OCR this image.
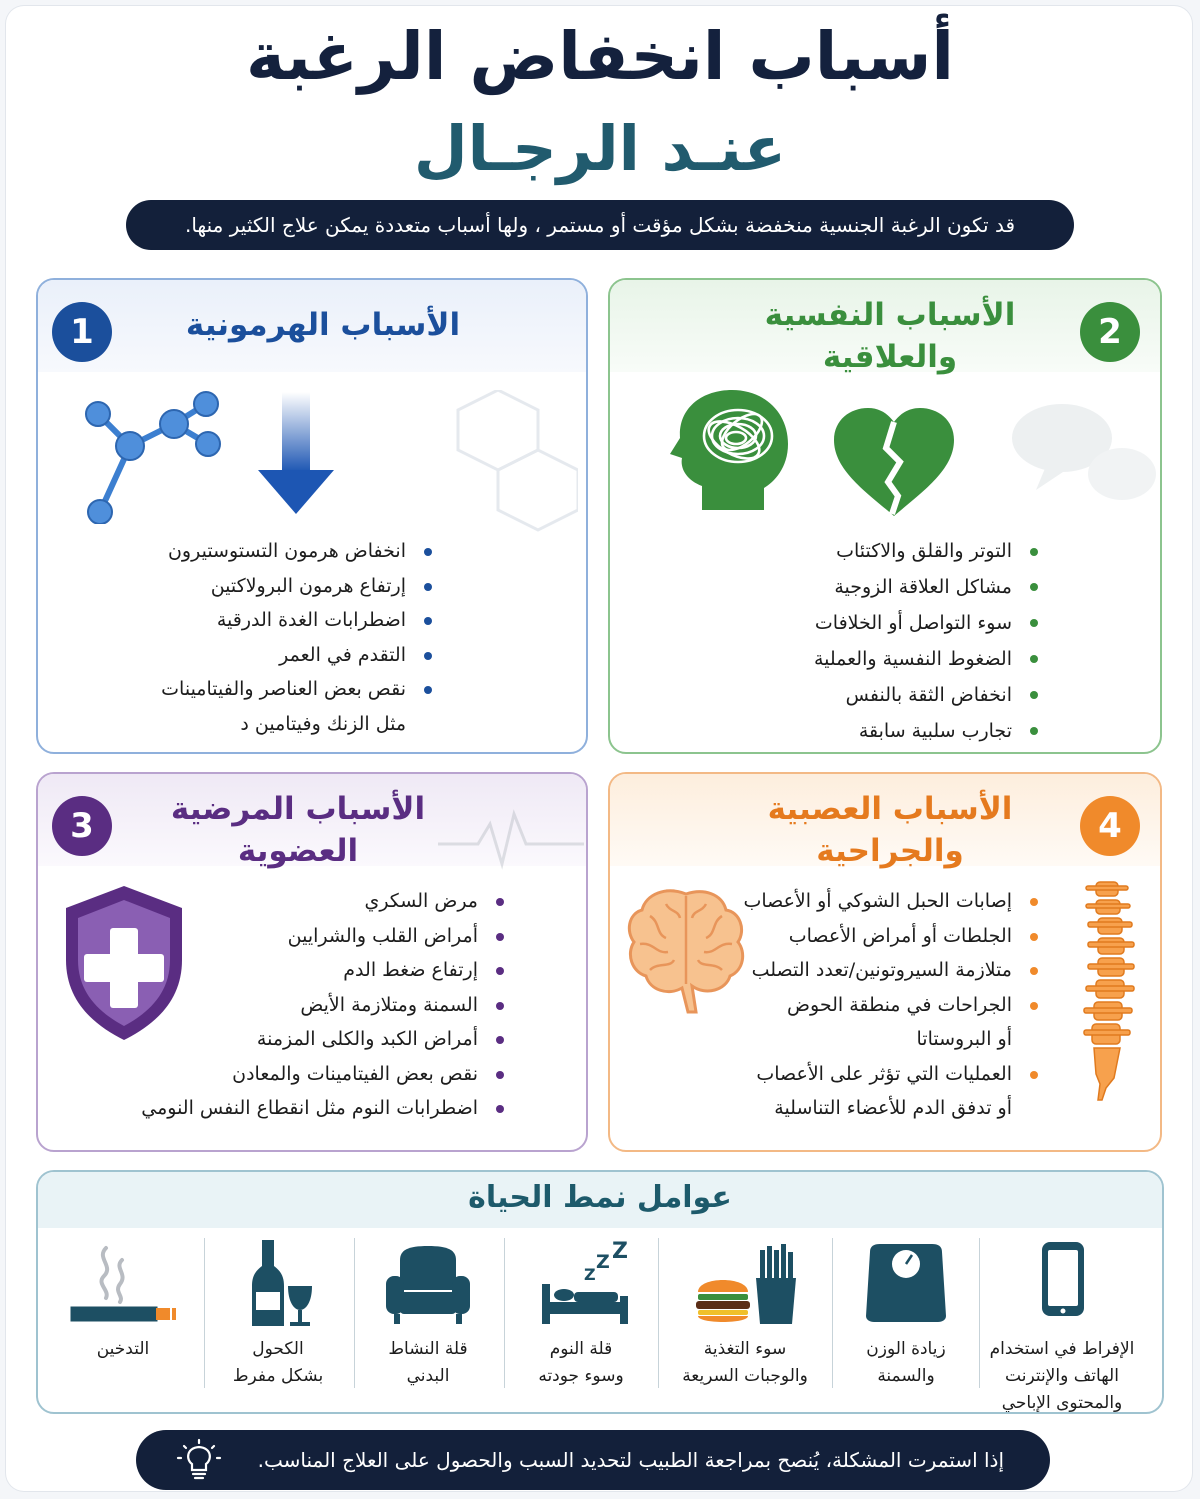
أسباب انخفاض الرغبة
عنـد الرجـال
قد تكون الرغبة الجنسية منخفضة بشكل مؤقت أو مستمر ، ولها أسباب متعددة يمكن علاج الكثير منها.
1	الأسباب الهرمونية
انخفاض هرمون التستوستيرون
إرتفاع هرمون البرولاكتين
اضطرابات الغدة الدرقية
التقدم في العمر
نقص بعض العناصر والفيتامينات
مثل الزنك وفيتامين د
2
الأسباب النفسية
والعلاقية
التوتر والقلق والاكتئاب
مشاكل العلاقة الزوجية
سوء التواصل أو الخلافات
الضغوط النفسية والعملية
انخفاض الثقة بالنفس
تجارب سلبية سابقة
3	الأسباب المرضية
العضوية
مرض السكري
أمراض القلب والشرايين
إرتفاع ضغط الدم
السمنة ومتلازمة الأيض
أمراض الكبد والكلى المزمنة
نقص بعض الفيتامينات والمعادن
اضطرابات النوم مثل انقطاع النفس النومي
4
الأسباب العصبية
والجراحية
إصابات الحبل الشوكي أو الأعصاب
الجلطات أو أمراض الأعصاب
متلازمة السيروتونين/تعدد التصلب
الجراحات في منطقة الحوض
أو البروستاتا
العمليات التي تؤثر على الأعصاب
أو تدفق الدم للأعضاء التناسلية
عوامل نمط الحياة
الإفراط في استخدام
الهاتف والإنترنت
والمحتوى الإباحي
زيادة الوزن
والسمنة
سوء التغذية
والوجبات السريعة
Z
Z Z
قلة النوم
وسوء جودته
قلة النشاط
البدني
الكحول
بشكل مفرط
التدخين
إذا استمرت المشكلة، يُنصح بمراجعة الطبيب لتحديد السبب والحصول على العلاج المناسب.
